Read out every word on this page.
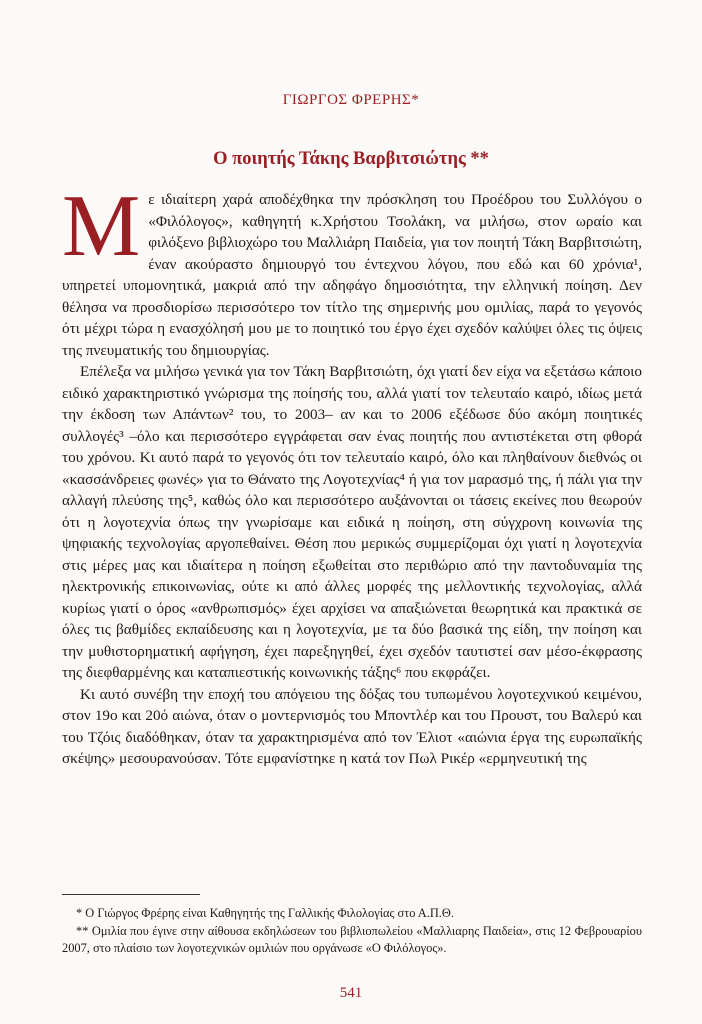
ΓΙΩΡΓΟΣ ΦΡΕΡΗΣ*
Ο ποιητής Τάκης Βαρβιτσιώτης **

Με ιδιαίτερη χαρά αποδέχθηκα την πρόσκληση του Προέδρου του Συλλόγου ο «Φιλόλογος», καθηγητή κ.Χρήστου Τσολάκη, να μιλήσω, στον ωραίο και φιλόξενο βιβλιοχώρο του Μαλλιάρη Παιδεία, για τον ποιητή Τάκη Βαρβιτσιώτη, έναν ακούραστο δημιουργό του έντεχνου λόγου, που εδώ και 60 χρόνια¹, υπηρετεί υπομονητικά, μακριά από την αδηφάγο δημοσιότητα, την ελληνική ποίηση. Δεν θέλησα να προσδιορίσω περισσότερο τον τίτλο της σημερινής μου ομιλίας, παρά το γεγονός ότι μέχρι τώρα η ενασχόλησή μου με το ποιητικό του έργο έχει σχεδόν καλύψει όλες τις όψεις της πνευματικής του δημιουργίας.

Επέλεξα να μιλήσω γενικά για τον Τάκη Βαρβιτσιώτη, όχι γιατί δεν είχα να εξετάσω κάποιο ειδικό χαρακτηριστικό γνώρισμα της ποίησής του, αλλά γιατί τον τελευταίο καιρό, ιδίως μετά την έκδοση των Απάντων² του, το 2003– αν και το 2006 εξέδωσε δύο ακόμη ποιητικές συλλογές³ –όλο και περισσότερο εγγράφεται σαν ένας ποιητής που αντιστέκεται στη φθορά του χρόνου. Κι αυτό παρά το γεγονός ότι τον τελευταίο καιρό, όλο και πληθαίνουν διεθνώς οι «κασσάνδρειες φωνές» για το Θάνατο της Λογοτεχνίας⁴ ή για τον μαρασμό της, ή πάλι για την αλλαγή πλεύσης της⁵, καθώς όλο και περισσότερο αυξάνονται οι τάσεις εκείνες που θεωρούν ότι η λογοτεχνία όπως την γνωρίσαμε και ειδικά η ποίηση, στη σύγχρονη κοινωνία της ψηφιακής τεχνολογίας αργοπεθαίνει. Θέση που μερικώς συμμερίζομαι όχι γιατί η λογοτεχνία στις μέρες μας και ιδιαίτερα η ποίηση εξωθείται στο περιθώριο από την παντοδυναμία της ηλεκτρονικής επικοινωνίας, ούτε κι από άλλες μορφές της μελλοντικής τεχνολογίας, αλλά κυρίως γιατί ο όρος «ανθρωπισμός» έχει αρχίσει να απαξιώνεται θεωρητικά και πρακτικά σε όλες τις βαθμίδες εκπαίδευσης και η λογοτεχνία, με τα δύο βασικά της είδη, την ποίηση και την μυθιστορηματική αφήγηση, έχει παρεξηγηθεί, έχει σχεδόν ταυτιστεί σαν μέσο-έκφρασης της διεφθαρμένης και καταπιεστικής κοινωνικής τάξης⁶ που εκφράζει.

Κι αυτό συνέβη την εποχή του απόγειου της δόξας του τυπωμένου λογοτεχνικού κειμένου, στον 19ο και 20ό αιώνα, όταν ο μοντερνισμός του Μποντλέρ και του Προυστ, του Βαλερύ και του Τζόις διαδόθηκαν, όταν τα χαρακτηρισμένα από τον Έλιοτ «αιώνια έργα της ευρωπαϊκής σκέψης» μεσουρανούσαν. Τότε εμφανίστηκε η κατά τον Πωλ Ρικέρ «ερμηνευτική της

* Ο Γιώργος Φρέρης είναι Καθηγητής της Γαλλικής Φιλολογίας στο Α.Π.Θ.

** Ομιλία που έγινε στην αίθουσα εκδηλώσεων του βιβλιοπωλείου «Μαλλιαρης Παιδεία», στις 12 Φεβρουαρίου 2007, στο πλαίσιο των λογοτεχνικών ομιλιών που οργάνωσε «Ο Φιλόλογος».

541
